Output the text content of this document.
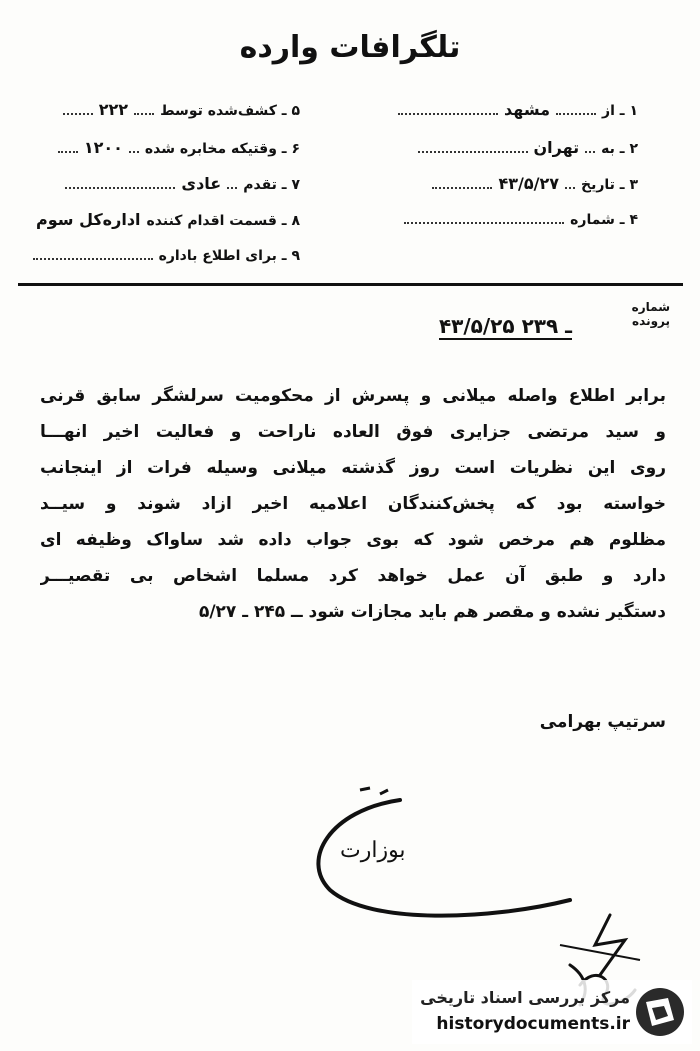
تلگرافات وارده
۱ ـ از
مشهد
۲ ـ به
تهران
۳ ـ تاریخ
۴۳/۵/۲۷
۴ ـ شماره
۵ ـ کشف‌شده توسط
۲۲۲
۶ ـ وقتیکه مخابره شده
۱۲۰۰
۷ ـ تقدم
عادی
۸ ـ قسمت اقدام کننده
اداره‌کل سوم
۹ ـ برای اطلاع باداره
شماره
پرونده
۴۳/۵/۲۵ ـ ۲۳۹

برابر اطلاع واصله میلانی و پسرش از محکومیت سرلشگر سابق قرنی

و سید مرتضی جزایری فوق العاده ناراحت و فعالیت اخیر انهـــا

روی این نظریات است روز گذشته میلانی وسیله فرات از اینجانب

خواسته بود که پخش‌کنندگان اعلامیه اخیر ازاد شوند و سیــد

مظلوم هم مرخص شود که بوی جواب داده شد ساواک وظیفه ای

دارد و طبق آن عمل خواهد کرد مسلما اشخاص بی تقصیـــر

دستگیر نشده و مقصر هم باید مجازات شود ــ ۲۴۵ ـ ۵/۲۷

سرتیپ بهرامی
بوزارت
مرکز بررسی اسناد تاریخی
historydocuments.ir
